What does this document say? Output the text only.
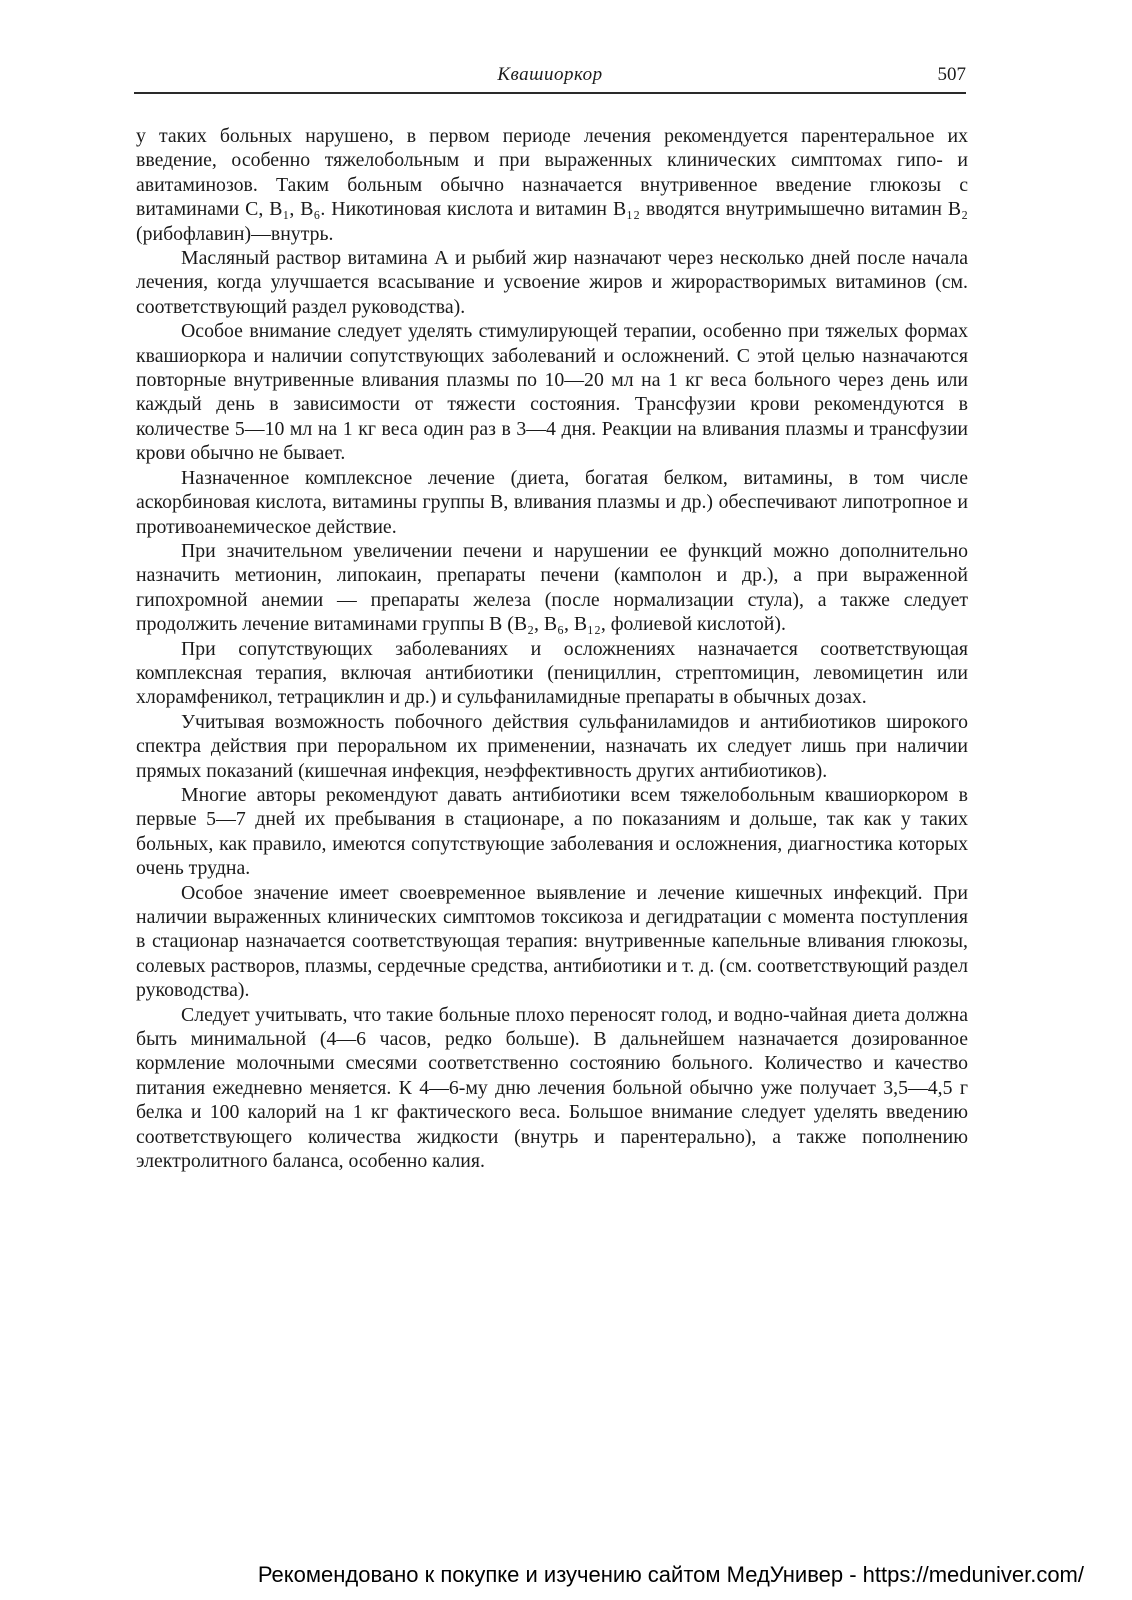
Квашиоркор	507

у таких больных нарушено, в первом периоде лечения рекомендуется парентеральное их введение, особенно тяжелобольным и при выраженных клинических симптомах гипо- и авитаминозов. Таким больным обычно назначается внутривенное введение глюкозы с витаминами С, B₁, B₆. Никотиновая кислота и витамин B₁₂ вводятся внутримышечно витамин B₂ (рибофлавин)—внутрь.

Масляный раствор витамина А и рыбий жир назначают через несколько дней после начала лечения, когда улучшается всасывание и усвоение жиров и жирорастворимых витаминов (см. соответствующий раздел руководства).

Особое внимание следует уделять стимулирующей терапии, особенно при тяжелых формах квашиоркора и наличии сопутствующих заболеваний и осложнений. С этой целью назначаются повторные внутривенные вливания плазмы по 10—20 мл на 1 кг веса больного через день или каждый день в зависимости от тяжести состояния. Трансфузии крови рекомендуются в количестве 5—10 мл на 1 кг веса один раз в 3—4 дня. Реакции на вливания плазмы и трансфузии крови обычно не бывает.

Назначенное комплексное лечение (диета, богатая белком, витамины, в том числе аскорбиновая кислота, витамины группы В, вливания плазмы и др.) обеспечивают липотропное и противоанемическое действие.

При значительном увеличении печени и нарушении ее функций можно дополнительно назначить метионин, липокаин, препараты печени (камполон и др.), а при выраженной гипохромной анемии — препараты железа (после нормализации стула), а также следует продолжить лечение витаминами группы В (B₂, B₆, B₁₂, фолиевой кислотой).

При сопутствующих заболеваниях и осложнениях назначается соответствующая комплексная терапия, включая антибиотики (пенициллин, стрептомицин, левомицетин или хлорамфеникол, тетрациклин и др.) и сульфаниламидные препараты в обычных дозах.

Учитывая возможность побочного действия сульфаниламидов и антибиотиков широкого спектра действия при пероральном их применении, назначать их следует лишь при наличии прямых показаний (кишечная инфекция, неэффективность других антибиотиков).

Многие авторы рекомендуют давать антибиотики всем тяжелобольным квашиоркором в первые 5—7 дней их пребывания в стационаре, а по показаниям и дольше, так как у таких больных, как правило, имеются сопутствующие заболевания и осложнения, диагностика которых очень трудна.

Особое значение имеет своевременное выявление и лечение кишечных инфекций. При наличии выраженных клинических симптомов токсикоза и дегидратации с момента поступления в стационар назначается соответствующая терапия: внутривенные капельные вливания глюкозы, солевых растворов, плазмы, сердечные средства, антибиотики и т. д. (см. соответствующий раздел руководства).

Следует учитывать, что такие больные плохо переносят голод, и водно-чайная диета должна быть минимальной (4—6 часов, редко больше). В дальнейшем назначается дозированное кормление молочными смесями соответственно состоянию больного. Количество и качество питания ежедневно меняется. К 4—6-му дню лечения больной обычно уже получает 3,5—4,5 г белка и 100 калорий на 1 кг фактического веса. Большое внимание следует уделять введению соответствующего количества жидкости (внутрь и парентерально), а также пополнению электролитного баланса, особенно калия.

Рекомендовано к покупке и изучению сайтом МедУнивер - https://meduniver.com/
